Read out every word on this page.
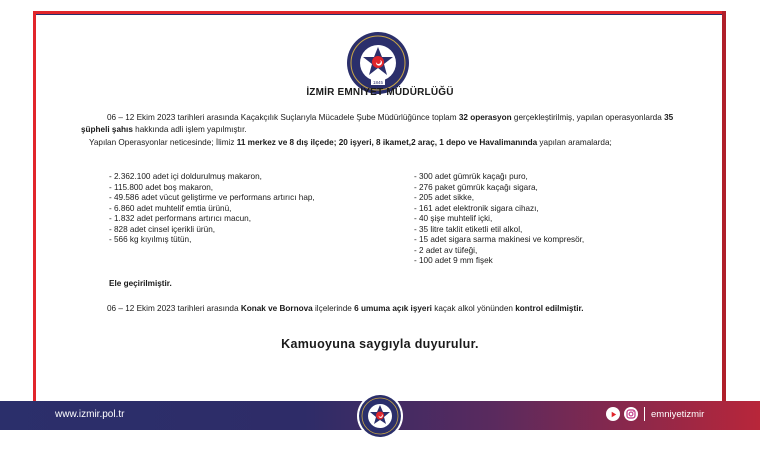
1845
İZMİR EMNİYET MÜDÜRLÜĞÜ
06 – 12 Ekim 2023 tarihleri arasında Kaçakçılık Suçlarıyla Mücadele Şube Müdürlüğünce toplam 32 operasyon gerçekleştirilmiş, yapılan operasyonlarda 35 şüpheli şahıs hakkında adli işlem yapılmıştır.
Yapılan Operasyonlar neticesinde; İlimiz 11 merkez ve 8 dış ilçede; 20 işyeri, 8 ikamet,2 araç, 1 depo ve Havalimanında yapılan aramalarda;
- 2.362.100 adet içi doldurulmuş makaron,
- 115.800 adet boş makaron,
- 49.586 adet vücut geliştirme ve performans artırıcı hap,
- 6.860 adet muhtelif emtia ürünü,
- 1.832 adet performans artırıcı macun,
- 828 adet cinsel içerikli ürün,
- 566 kg kıyılmış tütün,
- 300 adet gümrük kaçağı puro,
- 276 paket gümrük kaçağı sigara,
- 205 adet sikke,
- 161 adet elektronik sigara cihazı,
- 40 şişe muhtelif içki,
- 35 litre taklit etiketli etil alkol,
- 15 adet sigara sarma makinesi ve kompresör,
- 2 adet av tüfeği,
- 100 adet 9 mm fişek
Ele geçirilmiştir.
06 – 12 Ekim 2023 tarihleri arasında Konak ve Bornova ilçelerinde 6 umuma açık işyeri kaçak alkol yönünden kontrol edilmiştir.
Kamuoyuna saygıyla duyurulur.
www.izmir.pol.tr	emniyetizmir
